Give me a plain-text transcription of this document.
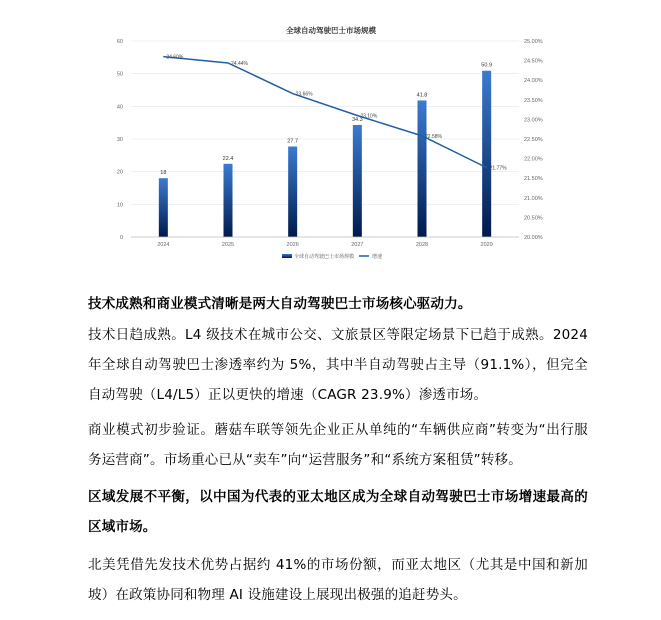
全球自动驾驶巴士市场规模
0
10
20
30
40
50
60
20.00%
20.50%
21.00%
21.50%
22.00%
22.50%
23.00%
23.50%
24.00%
24.50%
25.00%
18
22.4
27.7
34.3
41.8
50.9
24.60%
24.44%
23.66%
23.10%
22.58%
21.77%
2024	2025	2026	2027	2028	2029
全球自动驾驶巴士市场规模	增速

技术成熟和商业模式清晰是两大自动驾驶巴士市场核心驱动力。

技术日趋成熟。L4 级技术在城市公交、文旅景区等限定场景下已趋于成熟。2024 年全球自动驾驶巴士渗透率约为 5%，其中半自动驾驶占主导（91.1%），但完全自动驾驶（L4/L5）正以更快的增速（CAGR 23.9%）渗透市场。

商业模式初步验证。蘑菇车联等领先企业正从单纯的“车辆供应商”转变为“出行服务运营商”。市场重心已从“卖车”向“运营服务”和“系统方案租赁”转移。

区域发展不平衡，以中国为代表的亚太地区成为全球自动驾驶巴士市场增速最高的区域市场。

北美凭借先发技术优势占据约 41%的市场份额，而亚太地区（尤其是中国和新加坡）在政策协同和物理 AI 设施建设上展现出极强的追赶势头。
